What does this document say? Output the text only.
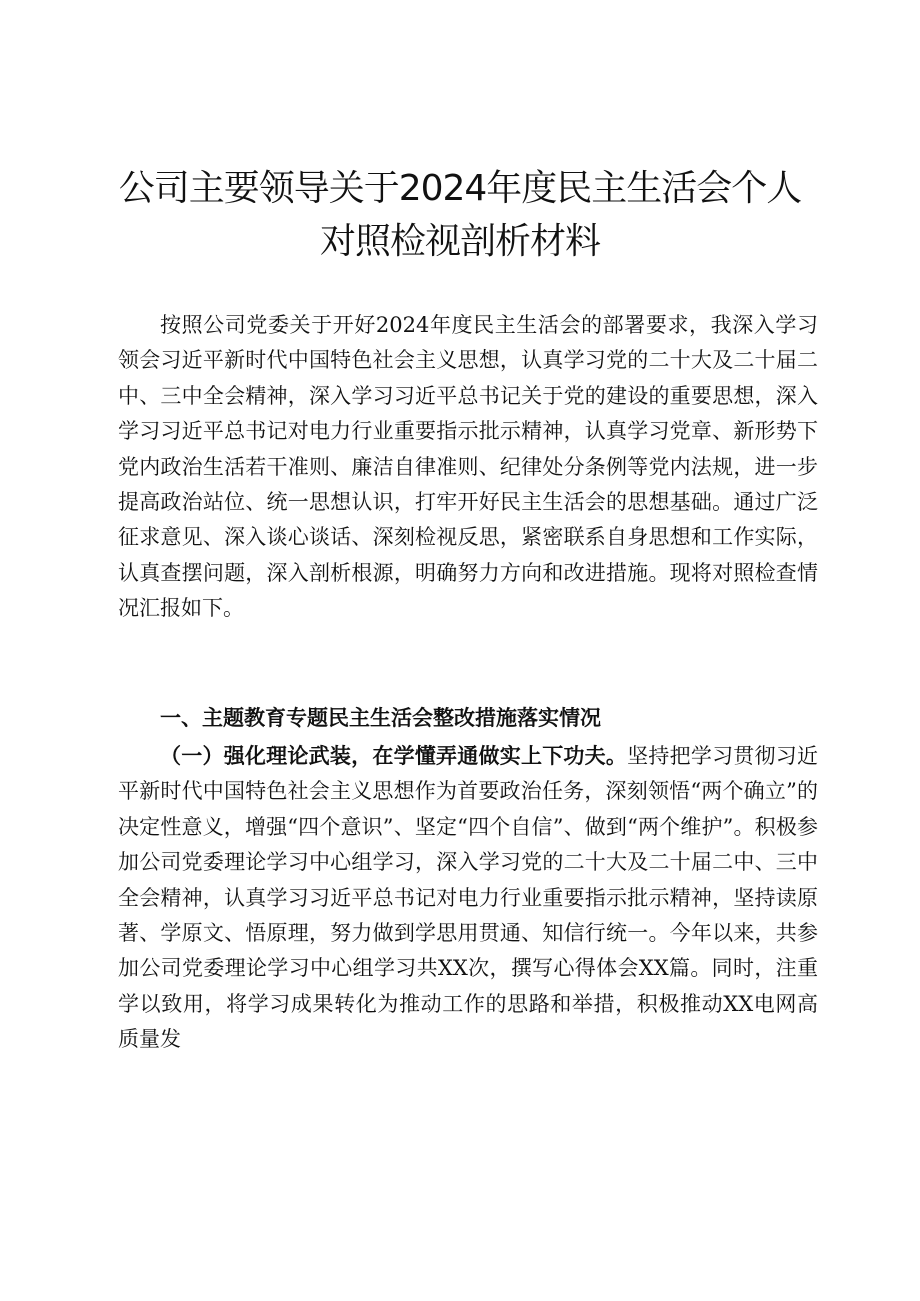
公司主要领导关于2024年度民主生活会个人
对照检视剖析材料

按照公司党委关于开好2024年度民主生活会的部署要求，我深入学习领会习近平新时代中国特色社会主义思想，认真学习党的二十大及二十届二中、三中全会精神，深入学习习近平总书记关于党的建设的重要思想，深入学习习近平总书记对电力行业重要指示批示精神，认真学习党章、新形势下党内政治生活若干准则、廉洁自律准则、纪律处分条例等党内法规，进一步提高政治站位、统一思想认识，打牢开好民主生活会的思想基础。通过广泛征求意见、深入谈心谈话、深刻检视反思，紧密联系自身思想和工作实际，认真查摆问题，深入剖析根源，明确努力方向和改进措施。现将对照检查情况汇报如下。

一、主题教育专题民主生活会整改措施落实情况

（一）强化理论武装，在学懂弄通做实上下功夫。坚持把学习贯彻习近平新时代中国特色社会主义思想作为首要政治任务，深刻领悟“两个确立”的决定性意义，增强“四个意识”、坚定“四个自信”、做到“两个维护”。积极参加公司党委理论学习中心组学习，深入学习党的二十大及二十届二中、三中全会精神，认真学习习近平总书记对电力行业重要指示批示精神，坚持读原著、学原文、悟原理，努力做到学思用贯通、知信行统一。今年以来，共参加公司党委理论学习中心组学习共XX次，撰写心得体会XX篇。同时，注重学以致用，将学习成果转化为推动工作的思路和举措，积极推动XX电网高质量发
